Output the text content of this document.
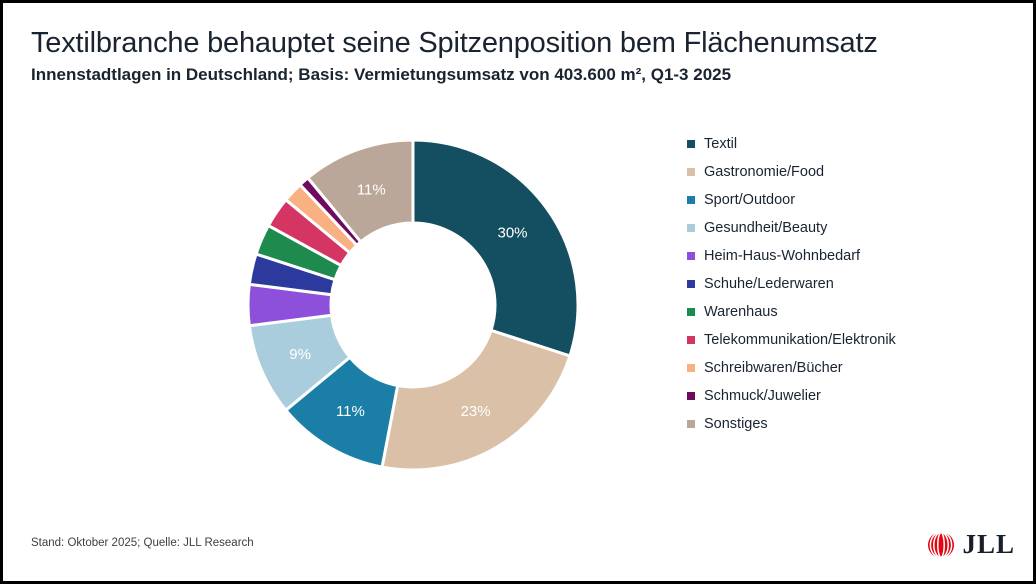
Textilbranche behauptet seine Spitzenposition bem Flächenumsatz
Innenstadtlagen in Deutschland; Basis: Vermietungsumsatz von 403.600 m², Q1-3 2025
30%
23%
11%
9%
11%
Textil
Gastronomie/Food
Sport/Outdoor
Gesundheit/Beauty
Heim-Haus-Wohnbedarf
Schuhe/Lederwaren
Warenhaus
Telekommunikation/Elektronik
Schreibwaren/Bücher
Schmuck/Juwelier
Sonstiges
Stand: Oktober 2025; Quelle: JLL Research	JLL
